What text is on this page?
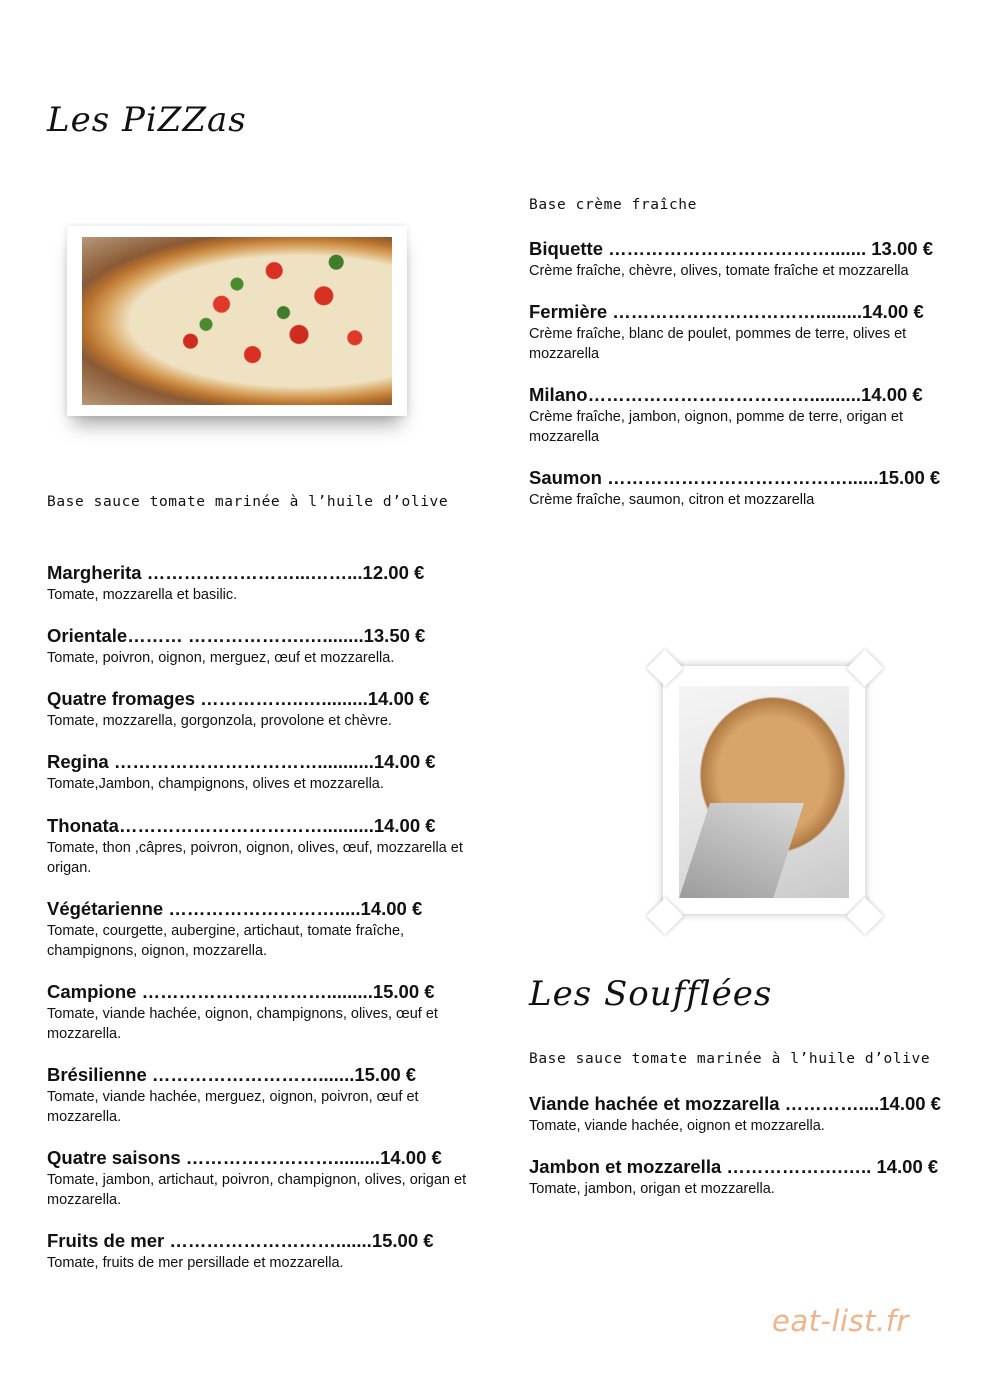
Les PiZZas
Base crème fraîche
Base sauce tomate marinée à l’huile d’olive
Margherita ……………………...……...12.00 €
Tomate, mozzarella et basilic.
Orientale……… ……………….…........13.50 €
Tomate, poivron, oignon, merguez, œuf et mozzarella.
Quatre fromages ……………..….........14.00 €
Tomate, mozzarella, gorgonzola, provolone et chèvre.
Regina ……………………………...........14.00 €
Tomate,Jambon, champignons, olives et mozzarella.
Thonata……………………………..........14.00 €
Tomate, thon ,câpres, poivron, oignon, olives, œuf, mozzarella et origan.
Végétarienne ……………………….....14.00 €
Tomate, courgette, aubergine, artichaut, tomate fraîche, champignons, oignon, mozzarella.
Campione ………………………….........15.00 €
Tomate, viande hachée, oignon, champignons, olives, œuf et mozzarella.
Brésilienne ……………………….......15.00 €
Tomate, viande hachée, merguez, oignon, poivron, œuf et mozzarella.
Quatre saisons …………………….........14.00 €
Tomate, jambon, artichaut, poivron, champignon, olives, origan et mozzarella.
Fruits de mer ……………………….......15.00 €
Tomate, fruits de mer persillade et mozzarella.
Biquette ………………………………....... 13.00 €
Crème fraîche, chèvre, olives, tomate fraîche et mozzarella
Fermière …………………………….........14.00 €
Crème fraîche, blanc de poulet, pommes de terre, olives et mozzarella
Milano………………………………..........14.00 €
Crème fraîche, jambon, oignon, pomme de terre, origan et mozzarella
Saumon …………………………………......15.00 €
Crème fraîche, saumon, citron et mozzarella
Les Soufflées
Base sauce tomate marinée à l’huile d’olive
Viande hachée et mozzarella …………....14.00 €
Tomate, viande hachée, oignon et mozzarella.
Jambon et mozzarella ……………….….. 14.00 €
Tomate, jambon, origan et mozzarella.
eat-list.fr
